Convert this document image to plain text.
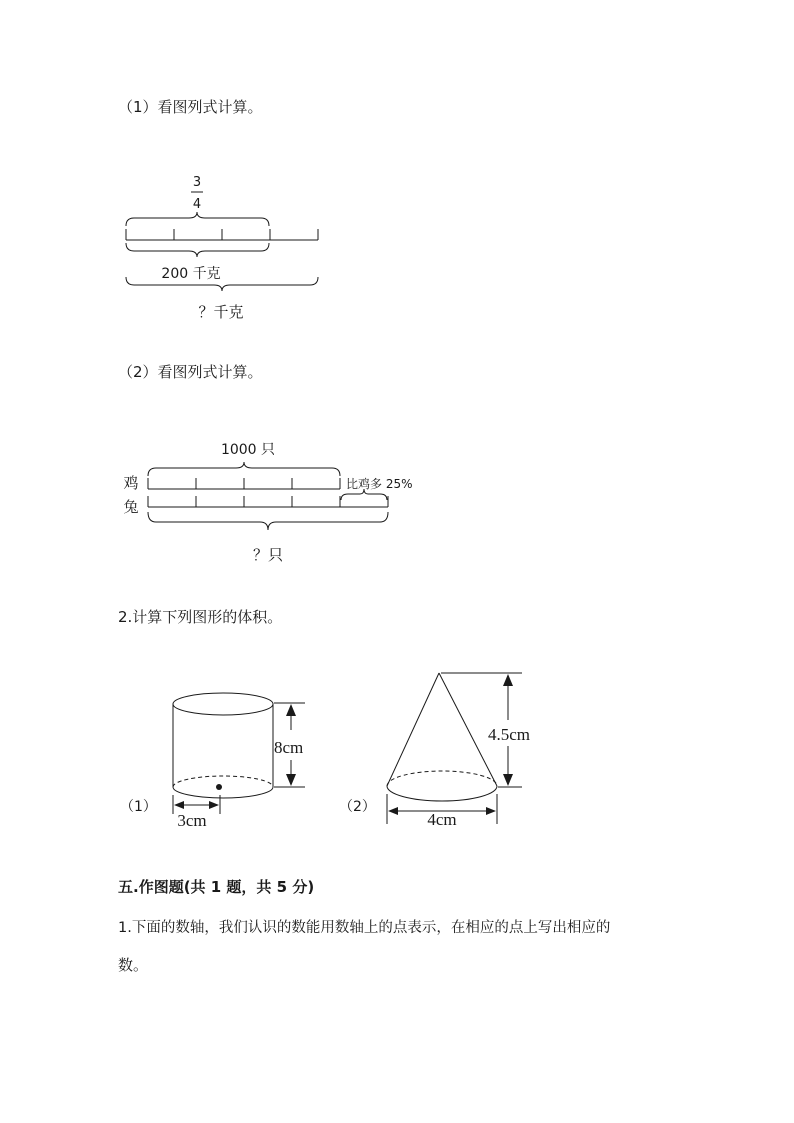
（1）看图列式计算。
3
4
200 千克
？千克
（2）看图列式计算。
1000 只
鸡
兔
比鸡多 25%
？只
2.计算下列图形的体积。
8cm
3cm
（1）
4.5cm
4cm
（2）
五.作图题(共 1 题，共 5 分)
1.下面的数轴，我们认识的数能用数轴上的点表示，在相应的点上写出相应的
数。
